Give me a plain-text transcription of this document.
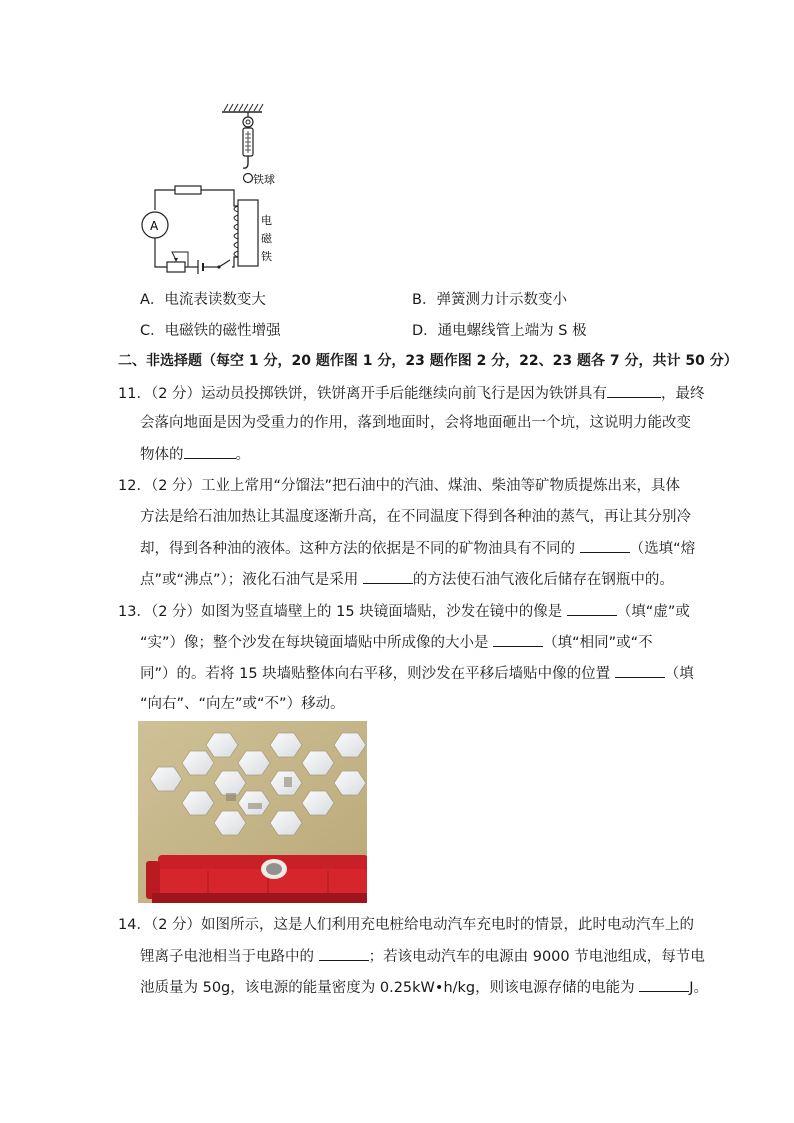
A
铁球
电
磁
铁
A．电流表读数变大	B．弹簧测力计示数变小
C．电磁铁的磁性增强	D．通电螺线管上端为 S 极
二、非选择题（每空 1 分，20 题作图 1 分，23 题作图 2 分，22、23 题各 7 分，共计 50 分）
11．（2 分）运动员投掷铁饼，铁饼离开手后能继续向前飞行是因为铁饼具有	，最终
会落向地面是因为受重力的作用，落到地面时，会将地面砸出一个坑，这说明力能改变
物体的	。
12．（2 分）工业上常用“分馏法”把石油中的汽油、煤油、柴油等矿物质提炼出来，具体
方法是给石油加热让其温度逐渐升高，在不同温度下得到各种油的蒸气，再让其分别冷
却，得到各种油的液体。这种方法的依据是不同的矿物油具有不同的	（选填“熔
点”或“沸点”）；液化石油气是采用	的方法使石油气液化后储存在钢瓶中的。
13．（2 分）如图为竖直墙壁上的 15 块镜面墙贴，沙发在镜中的像是	（填“虚”或
“实”）像；整个沙发在每块镜面墙贴中所成像的大小是	（填“相同”或“不
同”）的。若将 15 块墙贴整体向右平移，则沙发在平移后墙贴中像的位置	（填
“向右”、“向左”或“不”）移动。
14．（2 分）如图所示，这是人们利用充电桩给电动汽车充电时的情景，此时电动汽车上的
锂离子电池相当于电路中的	；若该电动汽车的电源由 9000 节电池组成，每节电
池质量为 50g，该电源的能量密度为 0.25kW•h/kg，则该电源存储的电能为	J。
